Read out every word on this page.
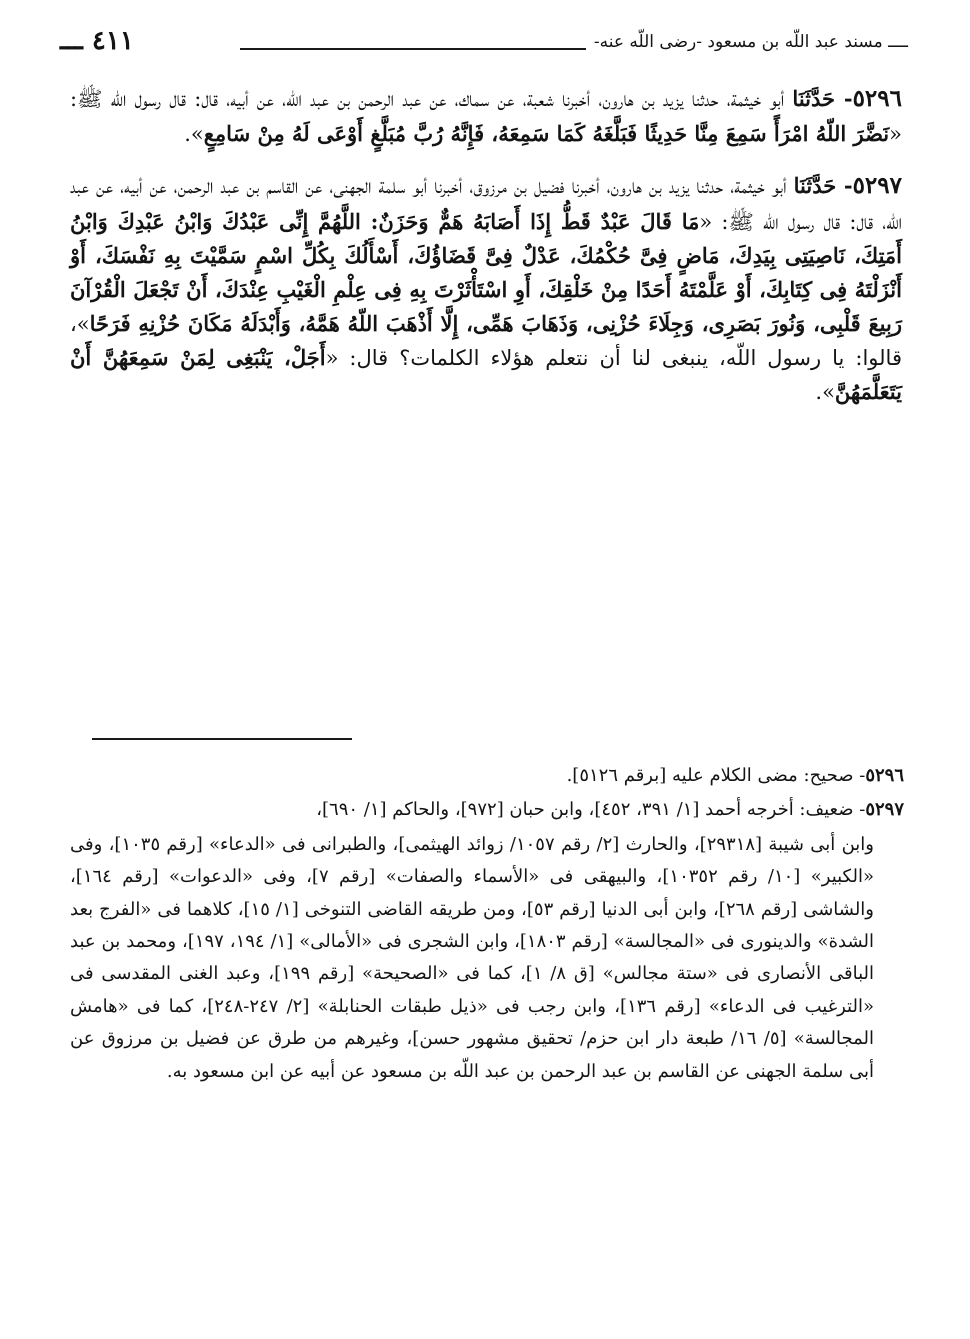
ــــ مسند عبد اللّه بن مسعود -رضى اللّه عنه-
٤١١ ـــ

٥٢٩٦- حَدَّثَنَا أبو خيثمة، حدثنا يزيد بن هارون، أخبرنا شعبة، عن سماك، عن عبد الرحمن بن عبد اللّه، عن أبيه، قال: قال رسول اللّه ﷺ: «نَضَّرَ اللّهُ امْرَأً سَمِعَ مِنَّا حَدِيثًا فَبَلَّغَهُ كَمَا سَمِعَهُ، فَإِنَّهُ رُبَّ مُبَلَّغٍ أَوْعَى لَهُ مِنْ سَامِعٍ».

٥٢٩٧- حَدَّثَنَا أبو خيثمة، حدثنا يزيد بن هارون، أخبرنا فضيل بن مرزوق، أخبرنا أبو سلمة الجهنى، عن القاسم بن عبد الرحمن، عن أبيه، عن عبد اللّه، قال: قال رسول اللّه ﷺ: «مَا قَالَ عَبْدٌ قَطُّ إِذَا أَصَابَهُ هَمٌّ وَحَزَنٌ: اللَّهُمَّ إِنِّى عَبْدُكَ وَابْنُ عَبْدِكَ وَابْنُ أَمَتِكَ، نَاصِيَتِى بِيَدِكَ، مَاضٍ فِىَّ حُكْمُكَ، عَدْلٌ فِىَّ قَضَاؤُكَ، أَسْأَلُكَ بِكُلِّ اسْمٍ سَمَّيْتَ بِهِ نَفْسَكَ، أَوْ أَنْزَلْتَهُ فِى كِتَابِكَ، أَوْ عَلَّمْتَهُ أَحَدًا مِنْ خَلْقِكَ، أَوِ اسْتَأْثَرْتَ بِهِ فِى عِلْمِ الْغَيْبِ عِنْدَكَ، أَنْ تَجْعَلَ الْقُرْآنَ رَبِيعَ قَلْبِى، وَنُورَ بَصَرِى، وَجِلَاءَ حُزْنِى، وَذَهَابَ هَمِّى، إِلَّا أَذْهَبَ اللّهُ هَمَّهُ، وَأَبْدَلَهُ مَكَانَ حُزْنِهِ فَرَحًا»، قالوا: يا رسول اللّه، ينبغى لنا أن نتعلم هؤلاء الكلمات؟ قال: «أَجَلْ، يَنْبَغِى لِمَنْ سَمِعَهُنَّ أَنْ يَتَعَلَّمَهُنَّ».

٥٢٩٦- صحيح: مضى الكلام عليه [برقم ٥١٢٦].

٥٢٩٧- ضعيف: أخرجه أحمد [١/ ٣٩١، ٤٥٢]، وابن حبان [٩٧٢]، والحاكم [١/ ٦٩٠]،

وابن أبى شيبة [٢٩٣١٨]، والحارث [٢/ رقم ١٠٥٧/ زوائد الهيثمى]، والطبرانى فى «الدعاء» [رقم ١٠٣٥]، وفى «الكبير» [١٠/ رقم ١٠٣٥٢]، والبيهقى فى «الأسماء والصفات» [رقم ٧]، وفى «الدعوات» [رقم ١٦٤]، والشاشى [رقم ٢٦٨]، وابن أبى الدنيا [رقم ٥٣]، ومن طريقه القاضى التنوخى [١/ ١٥]، كلاهما فى «الفرج بعد الشدة» والدينورى فى «المجالسة» [رقم ١٨٠٣]، وابن الشجرى فى «الأمالى» [١/ ١٩٤، ١٩٧]، ومحمد بن عبد الباقى الأنصارى فى «ستة مجالس» [ق ٨/ ١]، كما فى «الصحيحة» [رقم ١٩٩]، وعبد الغنى المقدسى فى «الترغيب فى الدعاء» [رقم ١٣٦]، وابن رجب فى «ذيل طبقات الحنابلة» [٢/ ٢٤٧-٢٤٨]، كما فى «هامش المجالسة» [٥/ ١٦/ طبعة دار ابن حزم/ تحقيق مشهور حسن]، وغيرهم من طرق عن فضيل بن مرزوق عن أبى سلمة الجهنى عن القاسم بن عبد الرحمن بن عبد اللّه بن مسعود عن أبيه عن ابن مسعود به.
